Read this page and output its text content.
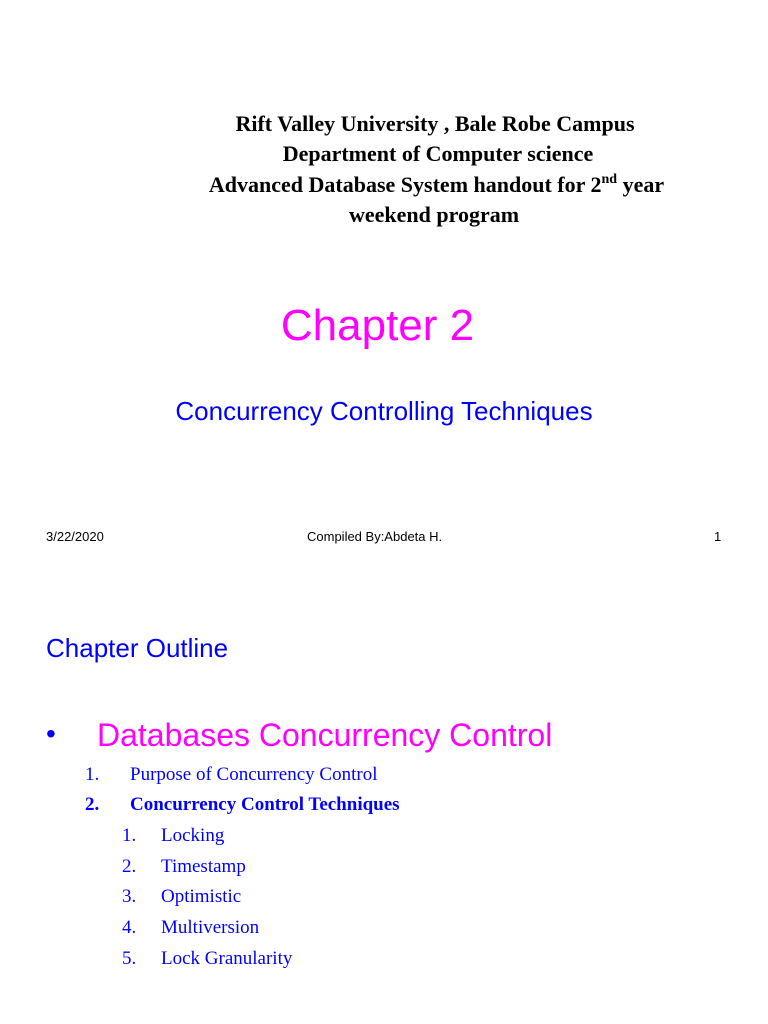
Rift Valley University , Bale Robe Campus
Department of Computer science
Advanced Database System handout for 2nd year
weekend program
Chapter 2
Concurrency Controlling Techniques
3/22/2020	Compiled By:Abdeta H.	1
Chapter Outline
• Databases Concurrency Control
1. Purpose of Concurrency Control
2. Concurrency Control Techniques
1. Locking
2. Timestamp
3. Optimistic
4. Multiversion
5. Lock Granularity
